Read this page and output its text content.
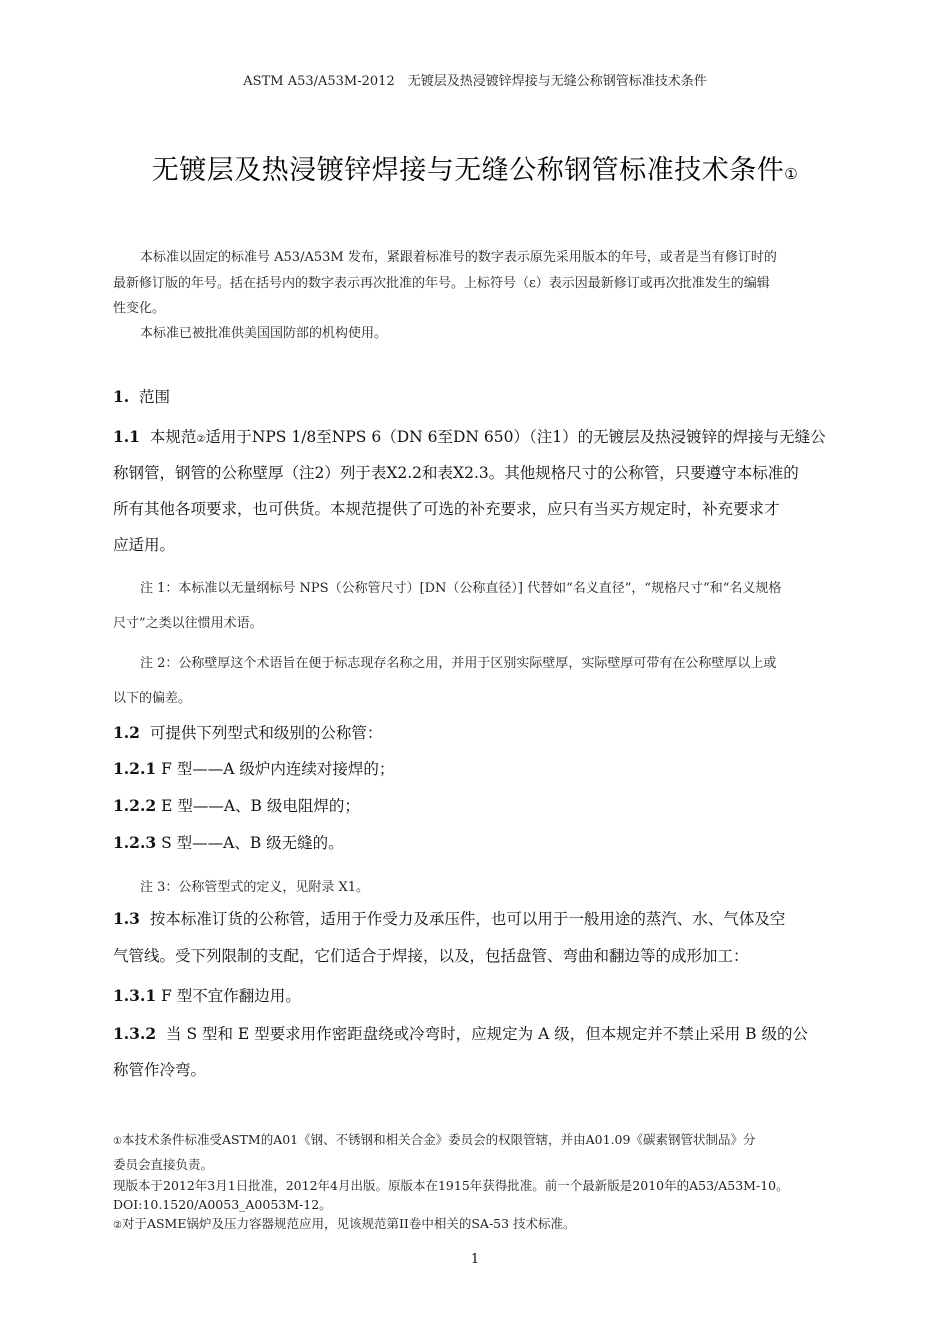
ASTM A53/A53M-2012　无镀层及热浸镀锌焊接与无缝公称钢管标准技术条件
无镀层及热浸镀锌焊接与无缝公称钢管标准技术条件①
本标准以固定的标准号 A53/A53M 发布，紧跟着标准号的数字表示原先采用版本的年号，或者是当有修订时的
最新修订版的年号。括在括号内的数字表示再次批准的年号。上标符号（ε）表示因最新修订或再次批准发生的编辑
性变化。
本标准已被批准供美国国防部的机构使用。
1. 范围
1.1 本规范②适用于NPS 1/8至NPS 6（DN 6至DN 650）（注1）的无镀层及热浸镀锌的焊接与无缝公
称钢管，钢管的公称壁厚（注2）列于表X2.2和表X2.3。其他规格尺寸的公称管，只要遵守本标准的
所有其他各项要求，也可供货。本规范提供了可选的补充要求，应只有当买方规定时，补充要求才
应适用。
注 1：本标准以无量纲标号 NPS（公称管尺寸）[DN（公称直径）] 代替如“名义直径”，“规格尺寸”和“名义规格
尺寸”之类以往惯用术语。
注 2：公称壁厚这个术语旨在便于标志现存名称之用，并用于区别实际壁厚，实际壁厚可带有在公称壁厚以上或
以下的偏差。
1.2 可提供下列型式和级别的公称管：
1.2.1 F 型——A 级炉内连续对接焊的；
1.2.2 E 型——A、B 级电阻焊的；
1.2.3 S 型——A、B 级无缝的。
注 3：公称管型式的定义，见附录 X1。
1.3 按本标准订货的公称管，适用于作受力及承压件，也可以用于一般用途的蒸汽、水、气体及空
气管线。受下列限制的支配，它们适合于焊接，以及，包括盘管、弯曲和翻边等的成形加工：
1.3.1 F 型不宜作翻边用。
1.3.2 当 S 型和 E 型要求用作密距盘绕或冷弯时，应规定为 A 级，但本规定并不禁止采用 B 级的公
称管作冷弯。
①本技术条件标准受ASTM的A01《钢、不锈钢和相关合金》委员会的权限管辖，并由A01.09《碳素钢管状制品》分
委员会直接负责。
现版本于2012年3月1日批准，2012年4月出版。原版本在1915年获得批准。前一个最新版是2010年的A53/A53M-10。
DOI:10.1520/A0053_A0053M-12。
②对于ASME锅炉及压力容器规范应用，见该规范第II卷中相关的SA-53 技术标准。
1
